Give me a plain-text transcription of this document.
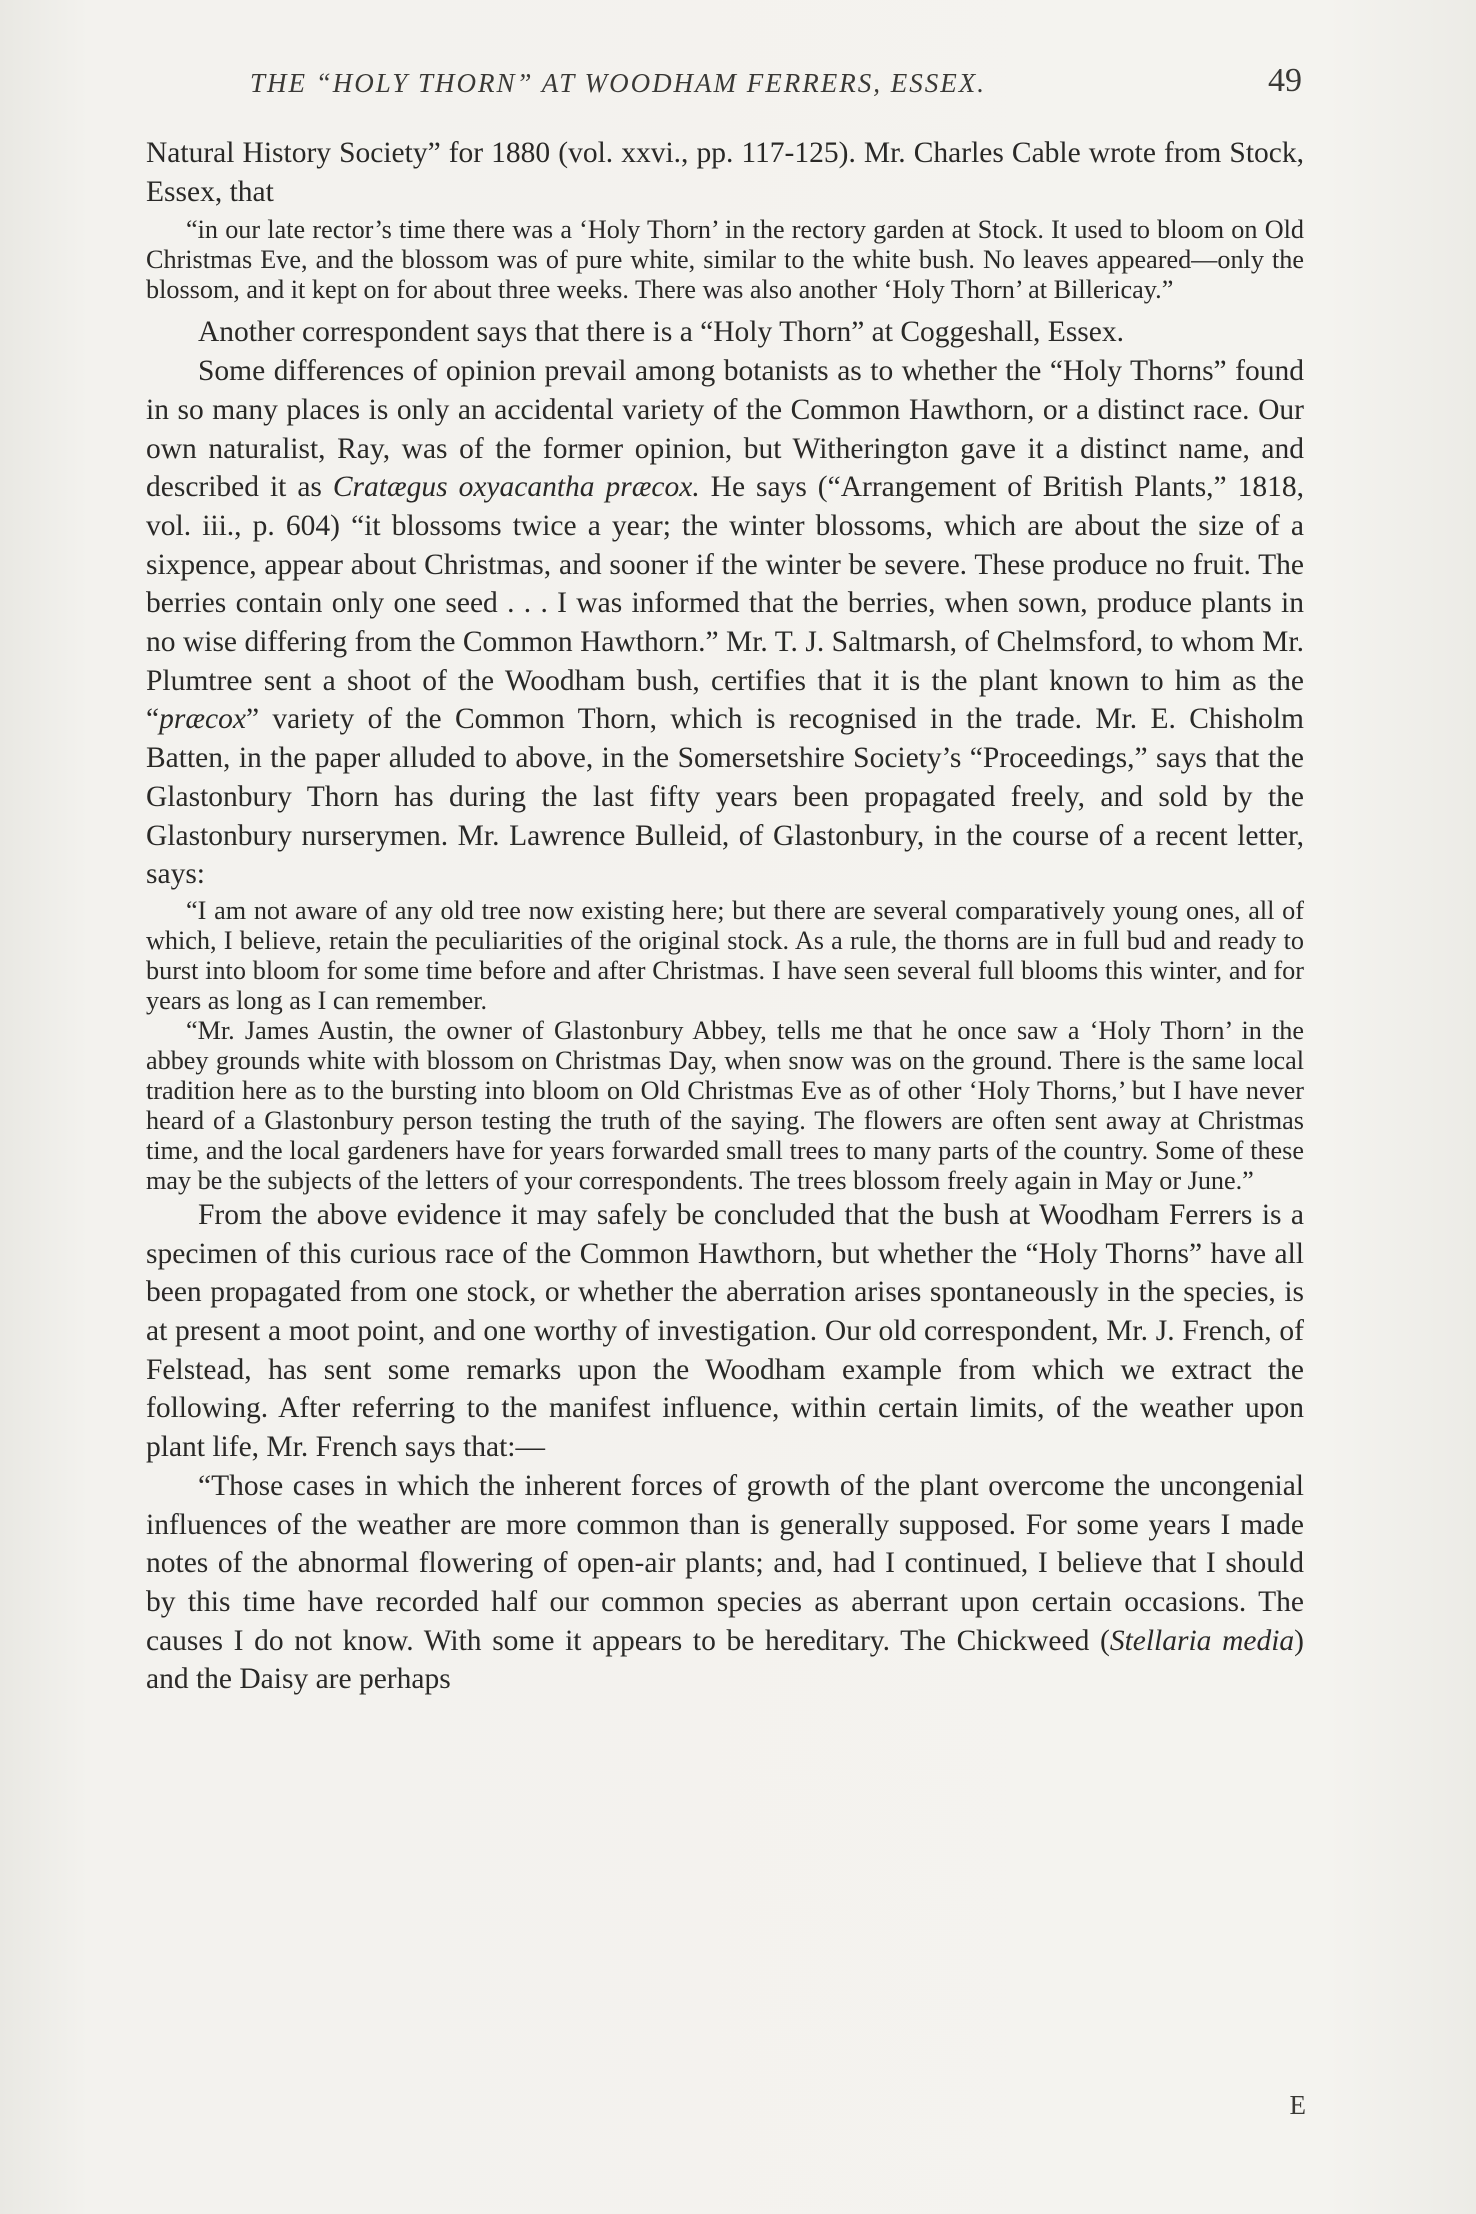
THE “HOLY THORN” AT WOODHAM FERRERS, ESSEX.	49

Natural History Society” for 1880 (vol. xxvi., pp. 117-125). Mr. Charles Cable wrote from Stock, Essex, that

“in our late rector’s time there was a ‘Holy Thorn’ in the rectory garden at Stock. It used to bloom on Old Christmas Eve, and the blossom was of pure white, similar to the white bush. No leaves appeared—only the blossom, and it kept on for about three weeks. There was also another ‘Holy Thorn’ at Billericay.”

Another correspondent says that there is a “Holy Thorn” at Coggeshall, Essex.

Some differences of opinion prevail among botanists as to whether the “Holy Thorns” found in so many places is only an accidental variety of the Common Hawthorn, or a distinct race. Our own naturalist, Ray, was of the former opinion, but Witherington gave it a distinct name, and described it as Cratægus oxyacantha præcox. He says (“Arrangement of British Plants,” 1818, vol. iii., p. 604) “it blossoms twice a year; the winter blossoms, which are about the size of a sixpence, appear about Christmas, and sooner if the winter be severe. These produce no fruit. The berries contain only one seed . . . I was informed that the berries, when sown, produce plants in no wise differing from the Common Hawthorn.” Mr. T. J. Saltmarsh, of Chelmsford, to whom Mr. Plumtree sent a shoot of the Woodham bush, certifies that it is the plant known to him as the “præcox” variety of the Common Thorn, which is recognised in the trade. Mr. E. Chisholm Batten, in the paper alluded to above, in the Somersetshire Society’s “Proceedings,” says that the Glastonbury Thorn has during the last fifty years been propagated freely, and sold by the Glastonbury nurserymen. Mr. Lawrence Bulleid, of Glastonbury, in the course of a recent letter, says:

“I am not aware of any old tree now existing here; but there are several comparatively young ones, all of which, I believe, retain the peculiarities of the original stock. As a rule, the thorns are in full bud and ready to burst into bloom for some time before and after Christmas. I have seen several full blooms this winter, and for years as long as I can remember.

“Mr. James Austin, the owner of Glastonbury Abbey, tells me that he once saw a ‘Holy Thorn’ in the abbey grounds white with blossom on Christmas Day, when snow was on the ground. There is the same local tradition here as to the bursting into bloom on Old Christmas Eve as of other ‘Holy Thorns,’ but I have never heard of a Glastonbury person testing the truth of the saying. The flowers are often sent away at Christmas time, and the local gardeners have for years forwarded small trees to many parts of the country. Some of these may be the subjects of the letters of your correspondents. The trees blossom freely again in May or June.”

From the above evidence it may safely be concluded that the bush at Woodham Ferrers is a specimen of this curious race of the Common Hawthorn, but whether the “Holy Thorns” have all been propagated from one stock, or whether the aberration arises spontaneously in the species, is at present a moot point, and one worthy of investigation. Our old correspondent, Mr. J. French, of Felstead, has sent some remarks upon the Woodham example from which we extract the following. After referring to the manifest influence, within certain limits, of the weather upon plant life, Mr. French says that:—

“Those cases in which the inherent forces of growth of the plant overcome the uncongenial influences of the weather are more common than is generally supposed. For some years I made notes of the abnormal flowering of open-air plants; and, had I continued, I believe that I should by this time have recorded half our common species as aberrant upon certain occasions. The causes I do not know. With some it appears to be hereditary. The Chickweed (Stellaria media) and the Daisy are perhaps

E
